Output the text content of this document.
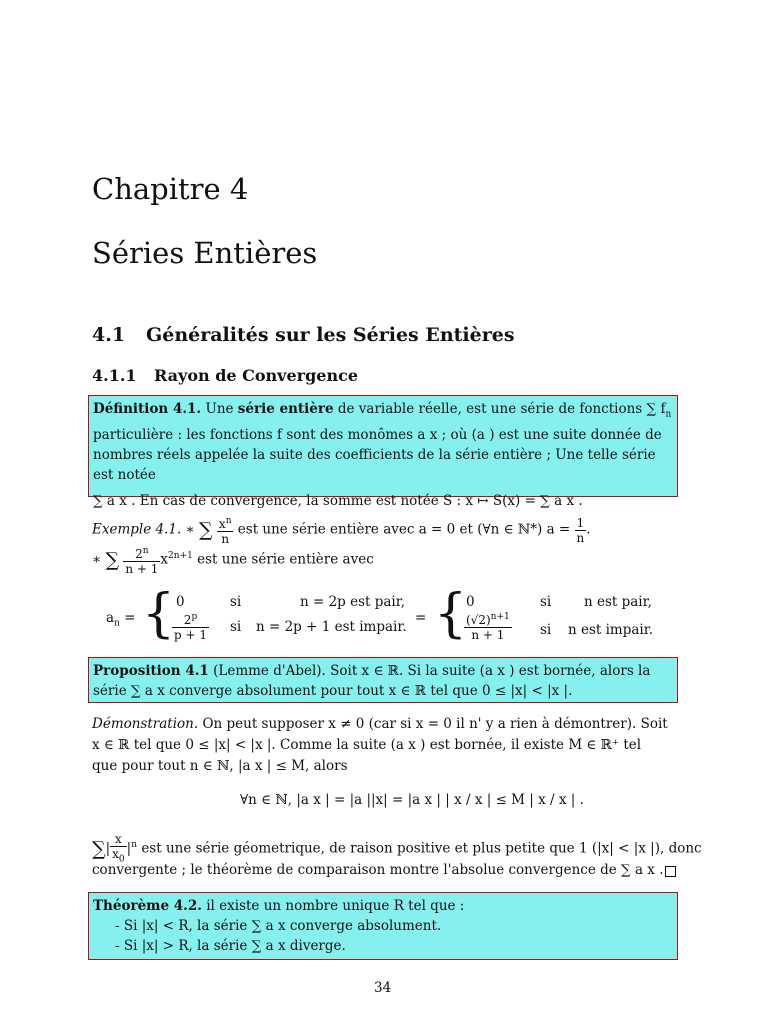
Chapitre 4
Séries Entières
4.1 Généralités sur les Séries Entières
4.1.1 Rayon de Convergence
Définition 4.1. Une série entière de variable réelle, est une série de fonctions ∑ $f_n$
particulière : les fonctions f sont des monômes a x ; où (a ) est une suite donnée de
nombres réels appelée la suite des coefficients de la série entière ; Une telle série est notée
∑ a x . En cas de convergence, la somme est notée S : x ↦ S(x) = ∑ a x .
Exemple 4.1. ∗ ∑ $\frac{x^n}{n}$ est une série entière avec a = 0 et (∀n ∈ ℕ*) $a = \frac{1}{n}$ .
∗ ∑ $\frac{2^n}{n + 1} x^{2n+1}$ est une série entière avec
$a_n$ = { 0	si	n = 2p est pair,
$\frac{2^p}{p + 1}$ si n = 2p + 1 est impair.
= {
0	si n est pair,
$\frac{(√2)^{n+1}}{n + 1}$ si n est impair.
Proposition 4.1 (Lemme d'Abel). Soit x ∈ ℝ. Si la suite (a x ) est bornée, alors la
série ∑ a x converge absolument pour tout x ∈ ℝ tel que 0 ≤ |x| < |x |.
Démonstration. On peut supposer x ≠ 0 (car si x = 0 il n' y a rien à démontrer). Soit
x ∈ ℝ tel que 0 ≤ |x| < |x |. Comme la suite (a x ) est bornée, il existe M ∈ ℝ⁺ tel
que pour tout n ∈ ℕ, |a x | ≤ M, alors
∀n ∈ ℕ, |a x | = |a ||x| = |a x | | x / x | ≤ M | x / x | .
∑| $\frac{x}{x_0} |^n$ est une série géometrique, de raison positive et plus petite que 1 (|x| < |x |), donc
convergente ; le théorème de comparaison montre l'absolue convergence de ∑ a x .
Théorème 4.2. il existe un nombre unique R tel que :
- Si |x| < R, la série ∑ a x converge absolument.
- Si |x| > R, la série ∑ a x diverge.
34
